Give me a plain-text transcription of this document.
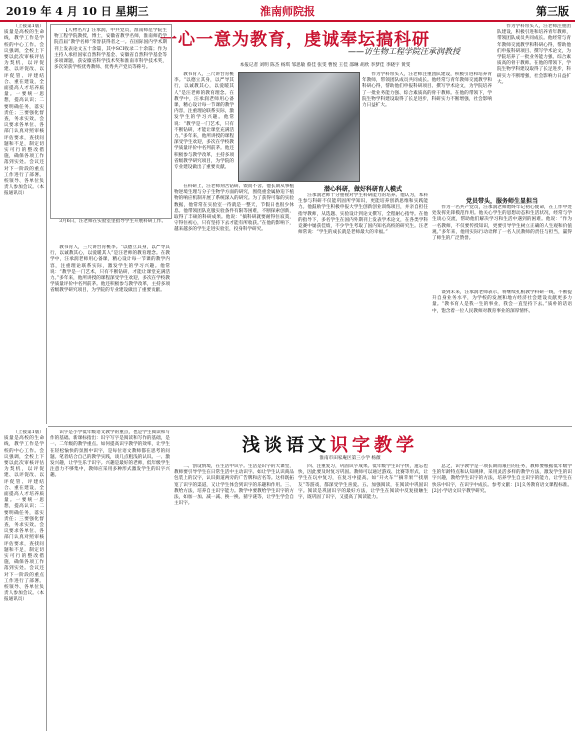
2019 年 4 月 10 日 星期三	淮南师院报	第三版

（上接第1版）质量是高校的生命线，教学工作是学校的中心工作。会议强调，全校上下要以此次审核评估为契机，以评促建、以评促改、以评促管、评建结合、重在建设，全面提高人才培养质量。一要统一思想，提高认识；二要明确任务，落实责任；三要强化督查，务求实效。会议要求各单位、各部门认真对照审核评估要求，查找问题和不足，制定切实可行的整改措施，确保各项工作落到实处。会议还对下一阶段的重点工作进行了部署。校领导、各单位负责人参加会议。（本报通讯员）

一心一意为教育，虔诚奉坛搞科研
——访生物工程学院汪承润教授
本报记者 刘明 陈杰 杨琪 邹思敏 蔡佳 张雯 曹悦 王佳 邵琳 胡欣 李梦佳 李晓宇 黄雯

【人物名片】汪承润，中共党员，淮南师范学院生物工程学院教授，博士，安徽省教学名师，淮南师范学院首届“教学名师”荣誉获得者之一。在国际国内学术期刊上发表论文五十余篇，其中SCI收录二十余篇；作为主持人承担国家自然科学基金、安徽省自然科学基金等多项课题，获安徽省科学技术奖和淮南市科学技术奖，多次荣获学校优秀教师、优秀共产党员等称号。

3月6日，汪老师在实验室里指导学生开展科研工作。

教书育人，三尺讲台育桃李。“以德立其身，以严导其行，以诚教其心，以爱暖其人”是汪老师的教育理念。在教学中，汪承润老师用心备课，精心设计每一节课的教学内容，注重理论联系实际，激发学生的学习兴趣。他常说：“教学是一门艺术，只有不断钻研，才能让课堂充满活力。”多年来，他所讲授的课程深受学生欢迎，多次在学校教学质量评价中名列前茅。他还积极参与教学改革，主持多项省级教学研究项目，为学院的专业建设做出了重要贡献。

教书育人，三尺讲台育桃李。“以德立其身，以严导其行，以诚教其心，以爱暖其人”是汪老师的教育理念。在教学中，汪承润老师用心备课，精心设计每一节课的教学内容，注重理论联系实际，激发学生的学习兴趣。他常说：“教学是一门艺术，只有不断钻研，才能让课堂充满活力。”多年来，他所讲授的课程深受学生欢迎，多次在学校教学质量评价中名列前茅。他还积极参与教学改革，主持多项省级教学研究项目，为学院的专业建设做出了重要贡献。

在科研上，汪老师刻苦钻研、锲而不舍。他长期从事植物逆境生理与分子生物学方面的研究，围绕重金属胁迫下植物的响应机制开展了系统深入的研究。为了获得可靠的实验数据，他常常在实验室一待就是一整天，节假日也很少休息。他带领团队克服实验条件有限等困难，不断探索创新，取得了丰硕的科研成果。他说：“搞科研就要耐得住寂寞，守得住初心，只有坚持下去才能有所收获。”在他的影响下，越来越多的学生走进实验室，投身科学研究。

潜心科研，做好科研育人模式

汪承润老师十分重视对学生科研能力的培养。他认为，本科生参与科研不仅能巩固所学知识，更能培养创新思维和实践能力。他鼓励学生积极申报大学生创新创业训练项目，并亲自担任指导教师，从选题、实验设计到论文撰写，全程耐心指导。在他的指导下，多名学生在国内外期刊上发表学术论文，在各类学科竞赛中屡获佳绩，不少学生考取了国内知名高校的研究生。汪老师常说：“学生的成长就是老师最大的幸福。”

作为学科带头人，汪老师注重团队建设，积极引进和培养青年教师，带领团队成员共同成长。他经常与青年教师交流教学和科研心得，帮助他们申报科研项目、撰写学术论文，为学院培养了一批业务能力强、综合素质高的骨干教师。在他的带领下，学院生物学科建设取得了长足进步，科研实力不断增强，社会影响力日益扩大。

作为学科带头人，汪老师注重团队建设，积极引进和培养青年教师，带领团队成员共同成长。他经常与青年教师交流教学和科研心得，帮助他们申报科研项目、撰写学术论文，为学院培养了一批业务能力强、综合素质高的骨干教师。在他的带领下，学院生物学科建设取得了长足进步，科研实力不断增强，社会影响力日益扩大。

党员带头，服务师生显担当

作为一名共产党员，汪承润老师始终牢记初心使命，在工作中处处发挥先锋模范作用。他关心学生的思想动态和生活状况，经常与学生谈心交流，帮助他们解决学习和生活中遇到的困难。他说：“作为一名教师，不仅要传授知识，更要引导学生树立正确的人生观和价值观。”多年来，他用实际行动诠释了一名人民教师的责任与担当，赢得了师生的广泛赞誉。

谈到未来，汪承润老师表示，将继续扎根教学科研一线，不断提升自身业务水平，为学校的发展和地方经济社会建设贡献更多力量。“教书育人是我一生的事业，我会一直坚持下去。”质朴的话语中，饱含着一位人民教师对教育事业的深厚情怀。

浅谈语文识字教学
淮南市田家庵区第三小学 杨薇

（上接第1版）质量是高校的生命线，教学工作是学校的中心工作。会议强调，全校上下要以此次审核评估为契机，以评促建、以评促改、以评促管、评建结合、重在建设，全面提高人才培养质量。一要统一思想，提高认识；二要明确任务，落实责任；三要强化督查，务求实效。会议要求各单位、各部门认真对照审核评估要求，查找问题和不足，制定切实可行的整改措施，确保各项工作落到实处。会议还对下一阶段的重点工作进行了部署。校领导、各单位负责人参加会议。（本报通讯员）

识字是小学低年级语文教学的重点，也是学生阅读和写作的基础。新课标指出：识字写字是阅读和写作的基础，是一、二年级的教学重点。如何提高识字教学的效率，让学生在轻松愉快的氛围中识字，是每位语文教师都在思考的问题。笔者结合自己的教学实践，谈几点粗浅的认识。一、激发兴趣，让学生乐于识字。兴趣是最好的老师，低年级学生注意力不够集中，教师应采用多种形式激发学生的识字兴趣。

二、创设情境，在生活中识字。生活是识字的大课堂，教师要引导学生在日常生活中主动识字。如让学生认识商品包装上的汉字，认识街道两旁的广告牌和店名等。这样既拓宽了识字的渠道，又让学生体会到识字的乐趣和作用。三、教给方法，培养自主识字能力。教学中要教给学生识字的方法，如加一加、减一减、换一换、猜字谜等，让学生学会自主识字。

四、注重复习，巩固识字成果。低年级学生识字快，遗忘也快，因此要及时复习巩固。教师可以通过游戏、比赛等形式，让学生在玩中复习，在复习中提高。如“开火车”“摘苹果”“找朋友”等游戏，都深受学生喜爱。五、加强阅读，在阅读中巩固识字。阅读是巩固识字的最好方法，让学生在阅读中反复接触生字，既巩固了识字，又提高了阅读能力。

总之，识字教学是一项长期而艰巨的任务，教师要根据低年级学生的年龄特点和认知规律，采用灵活多样的教学方法，激发学生的识字兴趣，教给学生识字的方法，培养学生自主识字的能力，让学生在快乐中识字，在识字中成长。参考文献：[1]义务教育语文课程标准。[2]小学语文识字教学研究。
